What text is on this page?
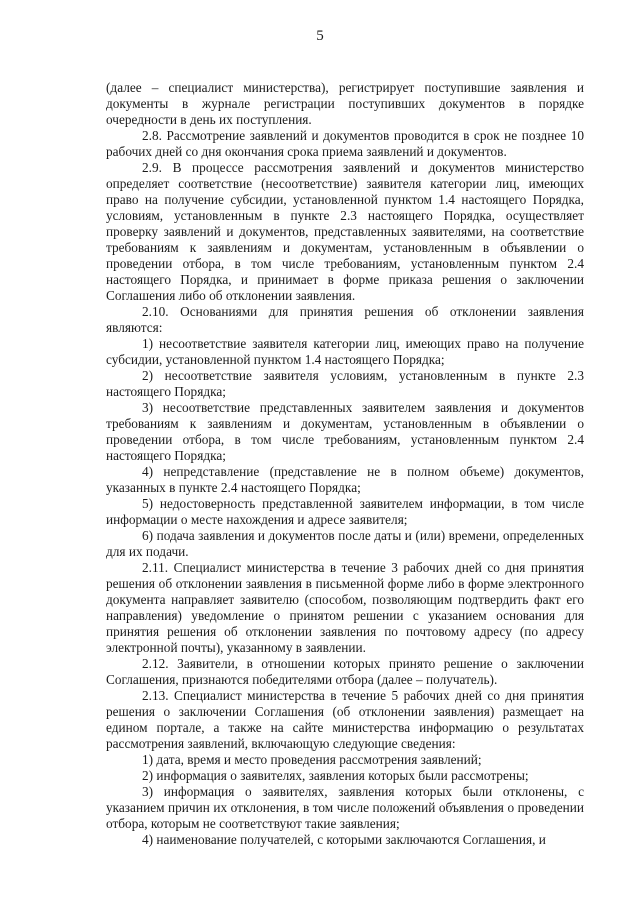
5
(далее – специалист министерства), регистрирует поступившие заявления и
документы в журнале регистрации поступивших документов в порядке
очередности в день их поступления.
2.8. Рассмотрение заявлений и документов проводится в срок не позднее 10
рабочих дней со дня окончания срока приема заявлений и документов.
2.9. В процессе рассмотрения заявлений и документов министерство
определяет соответствие (несоответствие) заявителя категории лиц, имеющих
право на получение субсидии, установленной пунктом 1.4 настоящего Порядка,
условиям, установленным в пункте 2.3 настоящего Порядка, осуществляет
проверку заявлений и документов, представленных заявителями, на соответствие
требованиям к заявлениям и документам, установленным в объявлении о
проведении отбора, в том числе требованиям, установленным пунктом 2.4
настоящего Порядка, и принимает в форме приказа решения о заключении
Соглашения либо об отклонении заявления.
2.10. Основаниями для принятия решения об отклонении заявления
являются:
1) несоответствие заявителя категории лиц, имеющих право на получение
субсидии, установленной пунктом 1.4 настоящего Порядка;
2) несоответствие заявителя условиям, установленным в пункте 2.3
настоящего Порядка;
3) несоответствие представленных заявителем заявления и документов
требованиям к заявлениям и документам, установленным в объявлении о
проведении отбора, в том числе требованиям, установленным пунктом 2.4
настоящего Порядка;
4) непредставление (представление не в полном объеме) документов,
указанных в пункте 2.4 настоящего Порядка;
5) недостоверность представленной заявителем информации, в том числе
информации о месте нахождения и адресе заявителя;
6) подача заявления и документов после даты и (или) времени, определенных
для их подачи.
2.11. Специалист министерства в течение 3 рабочих дней со дня принятия
решения об отклонении заявления в письменной форме либо в форме электронного
документа направляет заявителю (способом, позволяющим подтвердить факт его
направления) уведомление о принятом решении с указанием основания для
принятия решения об отклонении заявления по почтовому адресу (по адресу
электронной почты), указанному в заявлении.
2.12. Заявители, в отношении которых принято решение о заключении
Соглашения, признаются победителями отбора (далее – получатель).
2.13. Специалист министерства в течение 5 рабочих дней со дня принятия
решения о заключении Соглашения (об отклонении заявления) размещает на
едином портале, а также на сайте министерства информацию о результатах
рассмотрения заявлений, включающую следующие сведения:
1) дата, время и место проведения рассмотрения заявлений;
2) информация о заявителях, заявления которых были рассмотрены;
3) информация о заявителях, заявления которых были отклонены, с
указанием причин их отклонения, в том числе положений объявления о проведении
отбора, которым не соответствуют такие заявления;
4) наименование получателей, с которыми заключаются Соглашения, и
